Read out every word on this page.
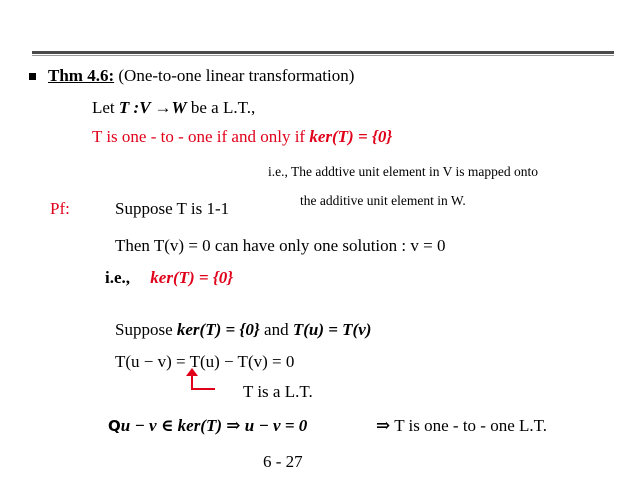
Thm 4.6: (One-to-one linear transformation)
Let T :V →W be a L.T.,
T is one - to - one if and only if ker(T) = {0}
i.e., The addtive unit element in V is mapped onto
the additive unit element in W.
Pf:	Suppose T is 1-1
Then T(v) = 0 can have only one solution : v = 0
i.e., ker(T) = {0}
Suppose ker(T) = {0} and T(u) = T(v)
T(u − v) = T(u) − T(v) = 0
T is a L.T.
Qu − v ∈ ker(T) ⇒ u − v = 0	⇒ T is one - to - one L.T.
6 - 27
